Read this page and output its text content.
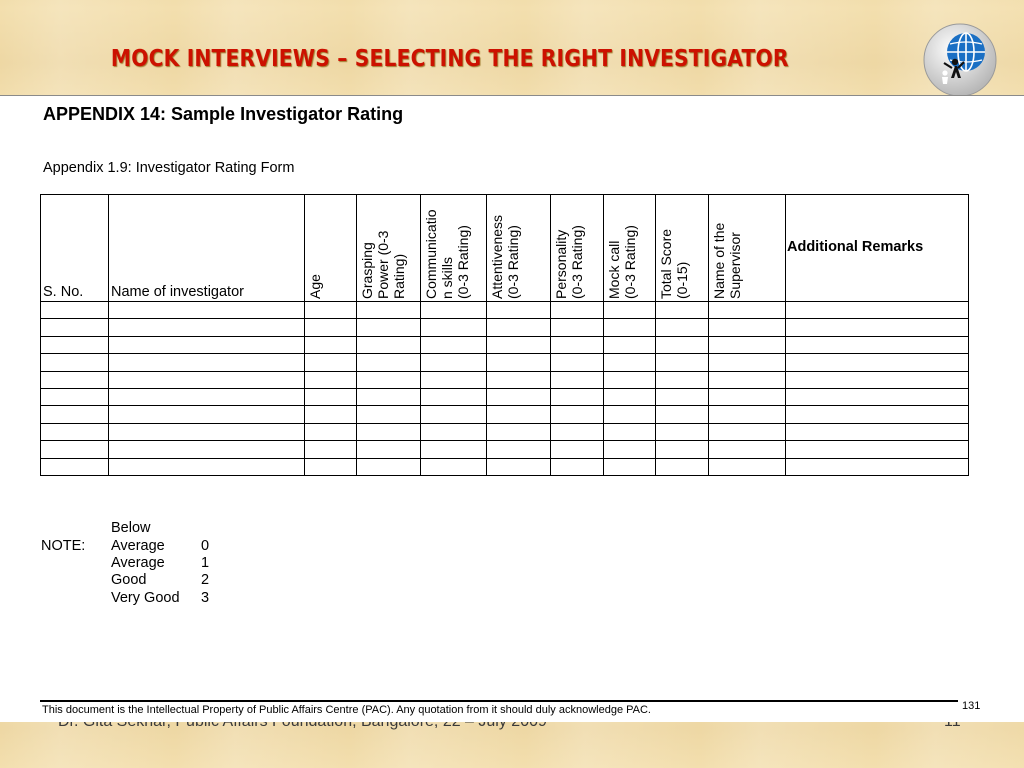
MOCK INTERVIEWS – SELECTING THE RIGHT INVESTIGATOR
APPENDIX 14: Sample Investigator Rating
Appendix 1.9: Investigator Rating Form
S. No.	Name of investigator	Age	Grasping Power (0-3 Rating)	Communicatio n skills (0-3 Rating)	Attentiveness (0-3 Rating)	Personality (0-3 Rating)	Mock call (0-3 Rating)	Total Score (0-15)	Name of the Supervisor	Additional Remarks

NOTE:
Below
Average	0
Average	1
Good	2
Very Good 3
This document is the Intellectual Property of Public Affairs Centre (PAC). Any quotation from it should duly acknowledge PAC.	131
